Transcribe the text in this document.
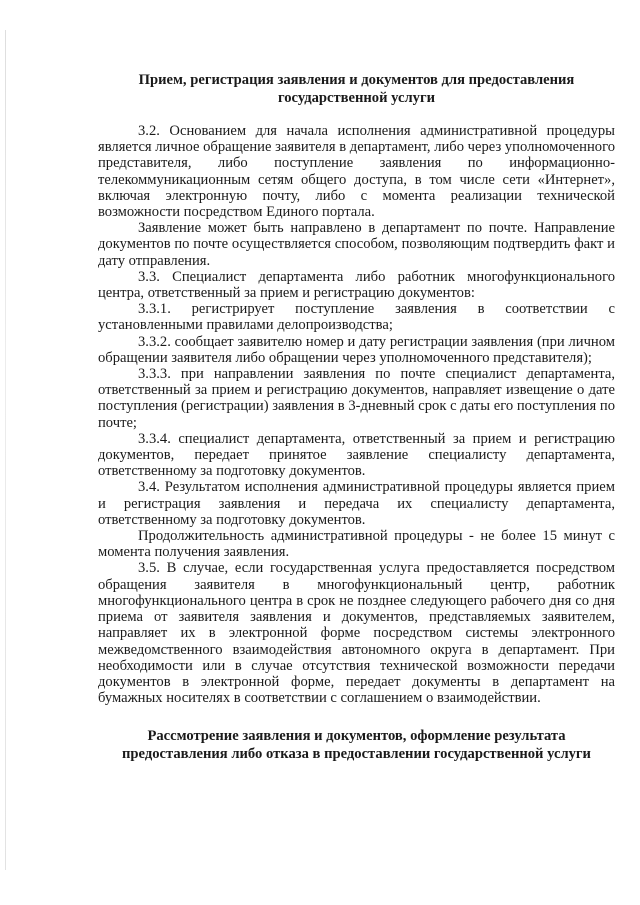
Прием, регистрация заявления и документов для предоставления государственной услуги

3.2. Основанием для начала исполнения административной процедуры является личное обращение заявителя в департамент, либо через уполномоченного представителя, либо поступление заявления по информационно-телекоммуникационным сетям общего доступа, в том числе сети «Интернет», включая электронную почту, либо с момента реализации технической возможности посредством Единого портала.

Заявление может быть направлено в департамент по почте. Направление документов по почте осуществляется способом, позволяющим подтвердить факт и дату отправления.

3.3. Специалист департамента либо работник многофункционального центра, ответственный за прием и регистрацию документов:

3.3.1. регистрирует поступление заявления в соответствии с установленными правилами делопроизводства;

3.3.2. сообщает заявителю номер и дату регистрации заявления (при личном обращении заявителя либо обращении через уполномоченного представителя);

3.3.3. при направлении заявления по почте специалист департамента, ответственный за прием и регистрацию документов, направляет извещение о дате поступления (регистрации) заявления в 3-дневный срок с даты его поступления по почте;

3.3.4. специалист департамента, ответственный за прием и регистрацию документов, передает принятое заявление специалисту департамента, ответственному за подготовку документов.

3.4. Результатом исполнения административной процедуры является прием и регистрация заявления и передача их специалисту департамента, ответственному за подготовку документов.

Продолжительность административной процедуры - не более 15 минут с момента получения заявления.

3.5. В случае, если государственная услуга предоставляется посредством обращения заявителя в многофункциональный центр, работник многофункционального центра в срок не позднее следующего рабочего дня со дня приема от заявителя заявления и документов, представляемых заявителем, направляет их в электронной форме посредством системы электронного межведомственного взаимодействия автономного округа в департамент. При необходимости или в случае отсутствия технической возможности передачи документов в электронной форме, передает документы в департамент на бумажных носителях в соответствии с соглашением о взаимодействии.

Рассмотрение заявления и документов, оформление результата предоставления либо отказа в предоставлении государственной услуги
